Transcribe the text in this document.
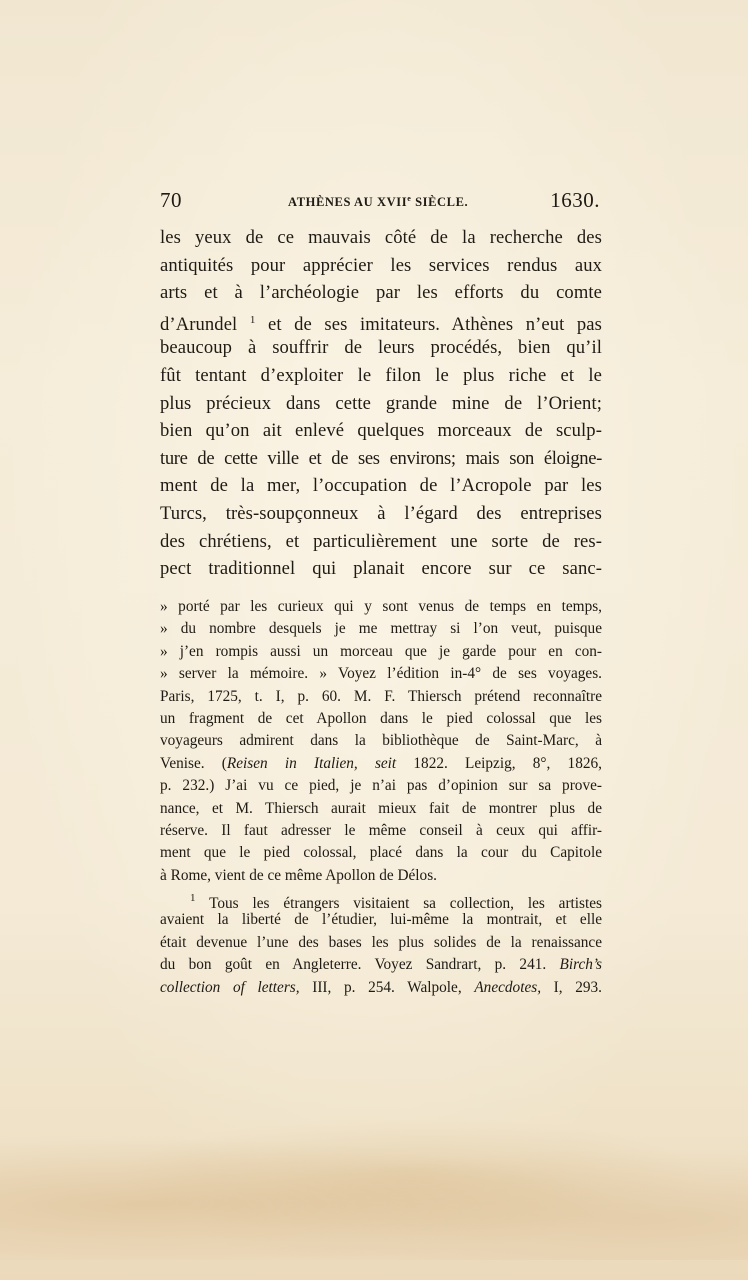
70	ATHÈNES AU XVIIe SIÈCLE.	1630.
les yeux de ce mauvais côté de la recherche des
antiquités pour apprécier les services rendus aux
arts et à l’archéologie par les efforts du comte
d’Arundel $^1$ et de ses imitateurs. Athènes n’eut pas
beaucoup à souffrir de leurs procédés, bien qu’il
fût tentant d’exploiter le filon le plus riche et le
plus précieux dans cette grande mine de l’Orient;
bien qu’on ait enlevé quelques morceaux de sculp-
ture de cette ville et de ses environs; mais son éloigne-
ment de la mer, l’occupation de l’Acropole par les
Turcs, très-soupçonneux à l’égard des entreprises
des chrétiens, et particulièrement une sorte de res-
pect traditionnel qui planait encore sur ce sanc-
» porté par les curieux qui y sont venus de temps en temps,
» du nombre desquels je me mettray si l’on veut, puisque
» j’en rompis aussi un morceau que je garde pour en con-
» server la mémoire. » Voyez l’édition in-4° de ses voyages.
Paris, 1725, t. I, p. 60. M. F. Thiersch prétend reconnaître
un fragment de cet Apollon dans le pied colossal que les
voyageurs admirent dans la bibliothèque de Saint-Marc, à
Venise. (Reisen in Italien, seit 1822. Leipzig, 8°, 1826,
p. 232.) J’ai vu ce pied, je n’ai pas d’opinion sur sa prove-
nance, et M. Thiersch aurait mieux fait de montrer plus de
réserve. Il faut adresser le même conseil à ceux qui affir-
ment que le pied colossal, placé dans la cour du Capitole
à Rome, vient de ce même Apollon de Délos.
$^1$ Tous les étrangers visitaient sa collection, les artistes
avaient la liberté de l’étudier, lui-même la montrait, et elle
était devenue l’une des bases les plus solides de la renaissance
du bon goût en Angleterre. Voyez Sandrart, p. 241. Birch’s
collection of letters, III, p. 254. Walpole, Anecdotes, I, 293.
